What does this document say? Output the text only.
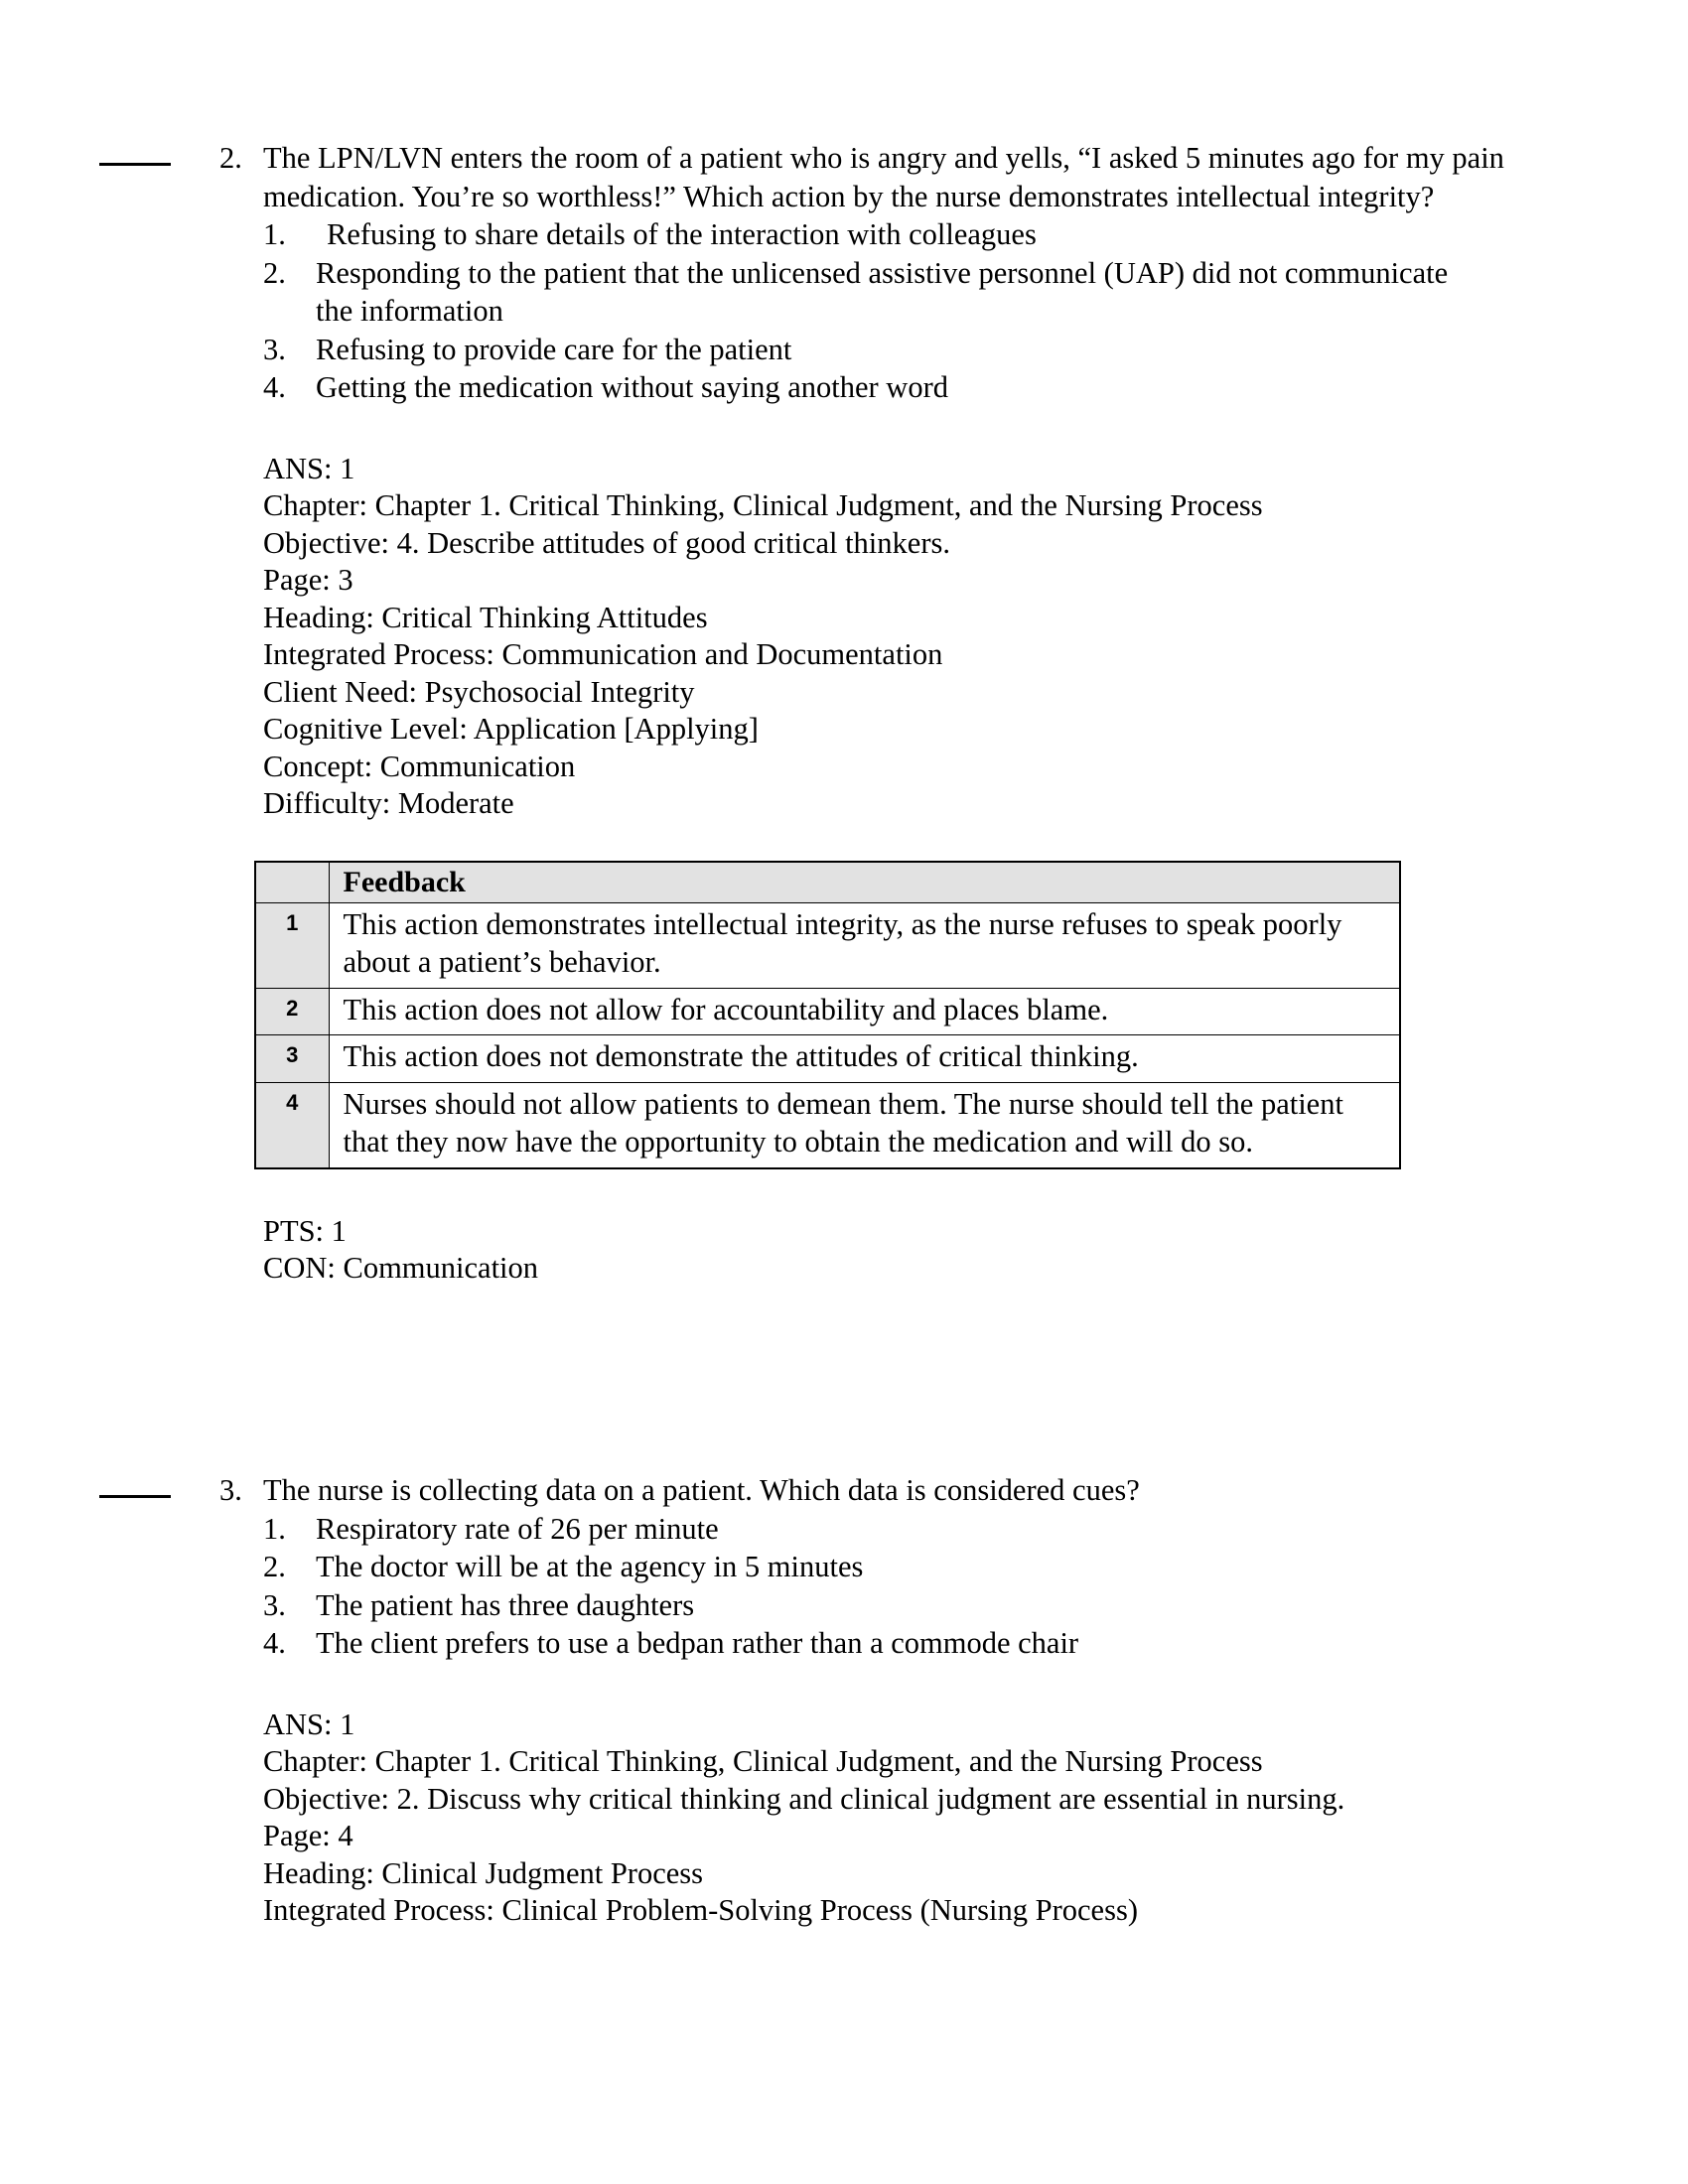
2. The LPN/LVN enters the room of a patient who is angry and yells, “I asked 5 minutes ago for my pain medication. You’re so worthless!” Which action by the nurse demonstrates intellectual integrity?

1.	Refusing to share details of the interaction with colleagues
2. Responding to the patient that the unlicensed assistive personnel (UAP) did not communicate the information
3. Refusing to provide care for the patient
4. Getting the medication without saying another word
ANS: 1
Chapter: Chapter 1. Critical Thinking, Clinical Judgment, and the Nursing Process
Objective: 4. Describe attitudes of good critical thinkers.
Page: 3
Heading: Critical Thinking Attitudes
Integrated Process: Communication and Documentation
Client Need: Psychosocial Integrity
Cognitive Level: Application [Applying]
Concept: Communication
Difficulty: Moderate
	Feedback
1	This action demonstrates intellectual integrity, as the nurse refuses to speak poorly about a patient’s behavior.
2	This action does not allow for accountability and places blame.
3	This action does not demonstrate the attitudes of critical thinking.
4	Nurses should not allow patients to demean them. The nurse should tell the patient that they now have the opportunity to obtain the medication and will do so.
PTS: 1
CON: Communication
3. The nurse is collecting data on a patient. Which data is considered cues?

1. Respiratory rate of 26 per minute
2. The doctor will be at the agency in 5 minutes
3. The patient has three daughters
4. The client prefers to use a bedpan rather than a commode chair
ANS: 1
Chapter: Chapter 1. Critical Thinking, Clinical Judgment, and the Nursing Process
Objective: 2. Discuss why critical thinking and clinical judgment are essential in nursing.
Page: 4
Heading: Clinical Judgment Process
Integrated Process: Clinical Problem-Solving Process (Nursing Process)
